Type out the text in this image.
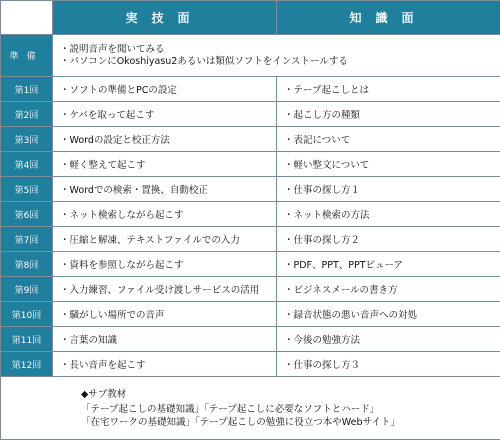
	実技面	知識面
準備	・説明音声を聞いてみる
・パソコンにOkoshiyasu2あるいは類似ソフトをインストールする	

第1回	・ソフトの準備とPCの設定	・テープ起こしとは
第2回	・ケバを取って起こす	・起こし方の種類
第3回	・Wordの設定と校正方法	・表記について
第4回	・軽く整えて起こす	・軽い整文について
第5回	・Wordでの検索・置換、自動校正	・仕事の探し方１
第6回	・ネット検索しながら起こす	・ネット検索の方法
第7回	・圧縮と解凍、テキストファイルでの入力	・仕事の探し方２
第8回	・資料を参照しながら起こす	・PDF、PPT、PPTビューア
第9回	・入力練習、ファイル受け渡しサービスの活用	・ビジネスメールの書き方
第10回	・騒がしい場所での音声	・録音状態の悪い音声への対処
第11回	・言葉の知識	・今後の勉強方法
第12回	・長い音声を起こす	・仕事の探し方３

◆サブ教材
「テープ起こしの基礎知識」「テープ起こしに必要なソフトとハード」
「在宅ワークの基礎知識」「テープ起こしの勉強に役立つ本やWebサイト」		
